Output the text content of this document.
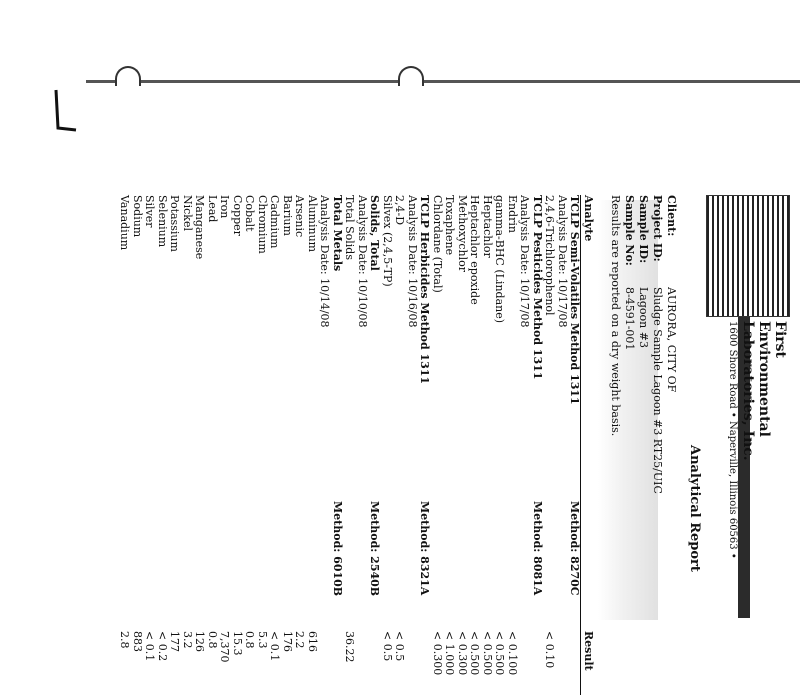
First
Environmental
Laboratories, Inc.
1600 Shore Road • Naperville, Illinois 60563 •
Analytical Report
Client:
AURORA, CITY OF
Project ID:
Sludge Sample Lagoon #3 RT25/UIC
Sample ID:
Lagoon #3
Sample No:
8-4591-001
Results are reported on a dry weight basis.
Analyte
Result
TCLP Semi-Volatiles Method 1311
Method: 8270C
Analysis Date: 10/17/08
2,4,6-Trichlorophenol
< 0.10
TCLP Pesticides Method 1311
Method: 8081A
Analysis Date: 10/17/08
Endrin
< 0.100
gamma-BHC (Lindane)
< 0.500
Heptachlor
< 0.500
Heptachlor epoxide
< 0.500
Methoxychlor
< 0.300
Toxaphene
< 1.000
Chlordane (Total)
< 0.300
TCLP Herbicides Method 1311
Method: 8321A
Analysis Date: 10/16/08
2,4-D
< 0.5
Silvex (2,4,5-TP)
< 0.5
Solids, Total
Method: 2540B
Analysis Date: 10/10/08
Total Solids
36.22
Total Metals
Method: 6010B
Analysis Date: 10/14/08
Aluminum
616
Arsenic
2.2
Barium
176
Cadmium
< 0.1
Chromium
5.3
Cobalt
0.8
Copper
15.3
Iron
7,370
Lead
0.8
Manganese
126
Nickel
3.2
Potassium
177
Selenium
< 0.2
Silver
< 0.1
Sodium
883
Vanadium
2.8
